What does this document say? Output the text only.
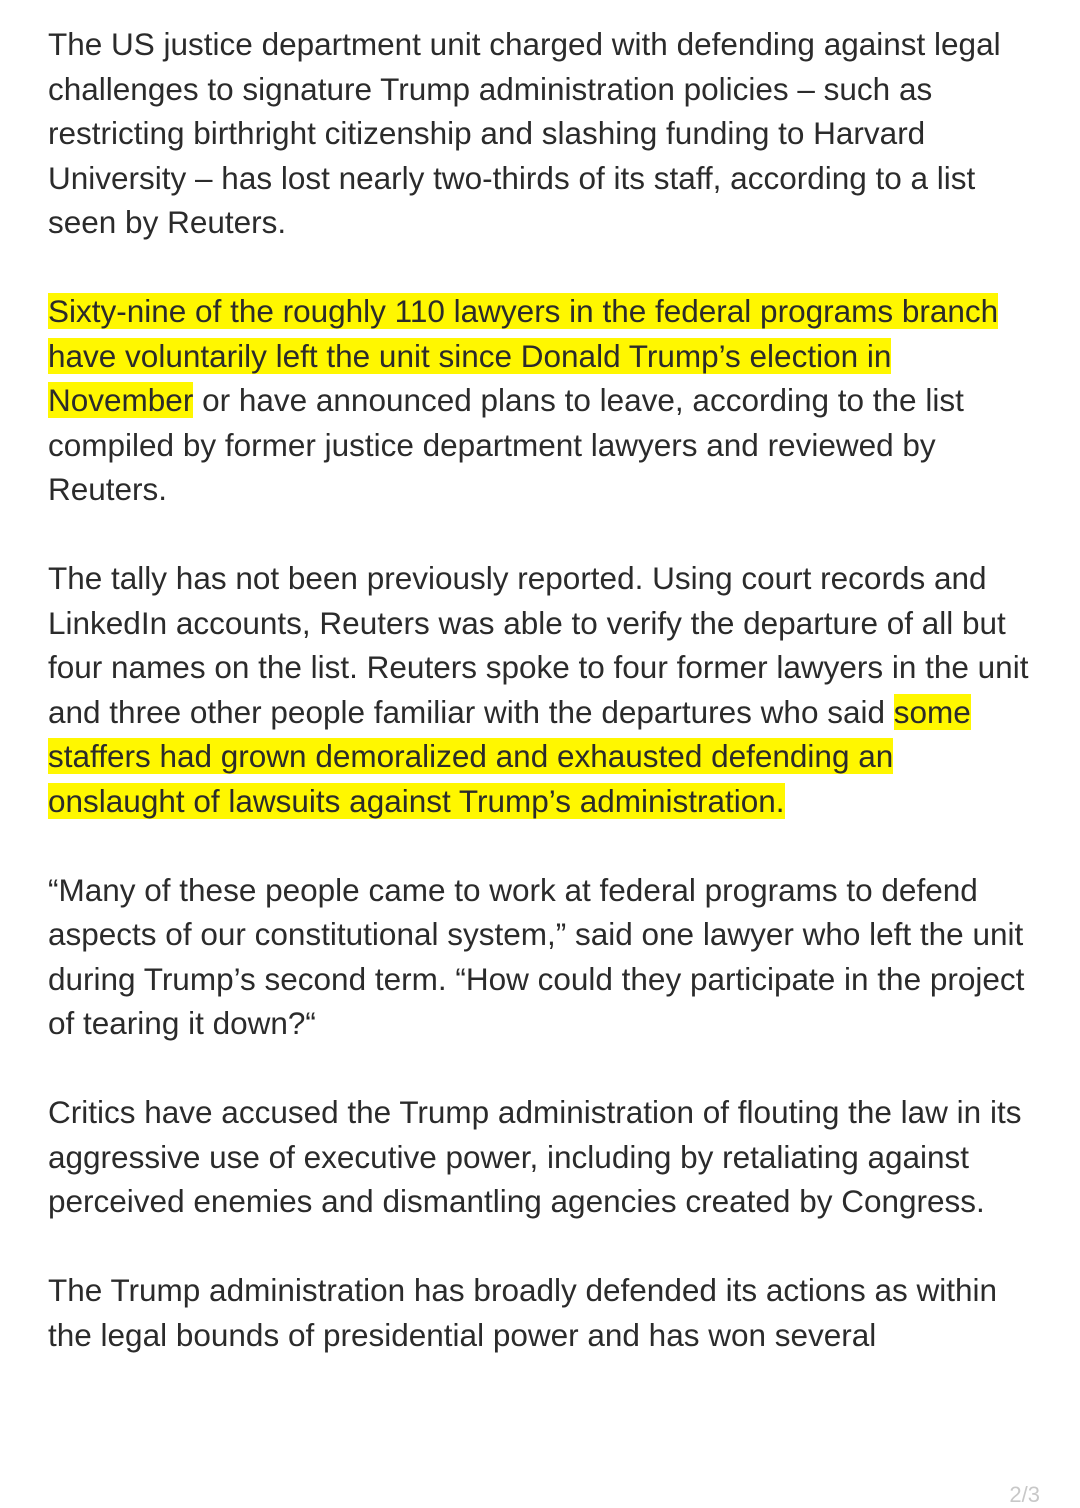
The US justice department unit charged with defending against legal challenges to signature Trump administration policies – such as restricting birthright citizenship and slashing funding to Harvard University – has lost nearly two-thirds of its staff, according to a list seen by Reuters.

Sixty-nine of the roughly 110 lawyers in the federal programs branch have voluntarily left the unit since Donald Trump’s election in November or have announced plans to leave, according to the list compiled by former justice department lawyers and reviewed by Reuters.

The tally has not been previously reported. Using court records and LinkedIn accounts, Reuters was able to verify the departure of all but four names on the list. Reuters spoke to four former lawyers in the unit and three other people familiar with the departures who said some staffers had grown demoralized and exhausted defending an onslaught of lawsuits against Trump’s administration.

“Many of these people came to work at federal programs to defend aspects of our constitutional system,” said one lawyer who left the unit during Trump’s second term. “How could they participate in the project of tearing it down?“

Critics have accused the Trump administration of flouting the law in its aggressive use of executive power, including by retaliating against perceived enemies and dismantling agencies created by Congress.

The Trump administration has broadly defended its actions as within the legal bounds of presidential power and has won several

2/3
